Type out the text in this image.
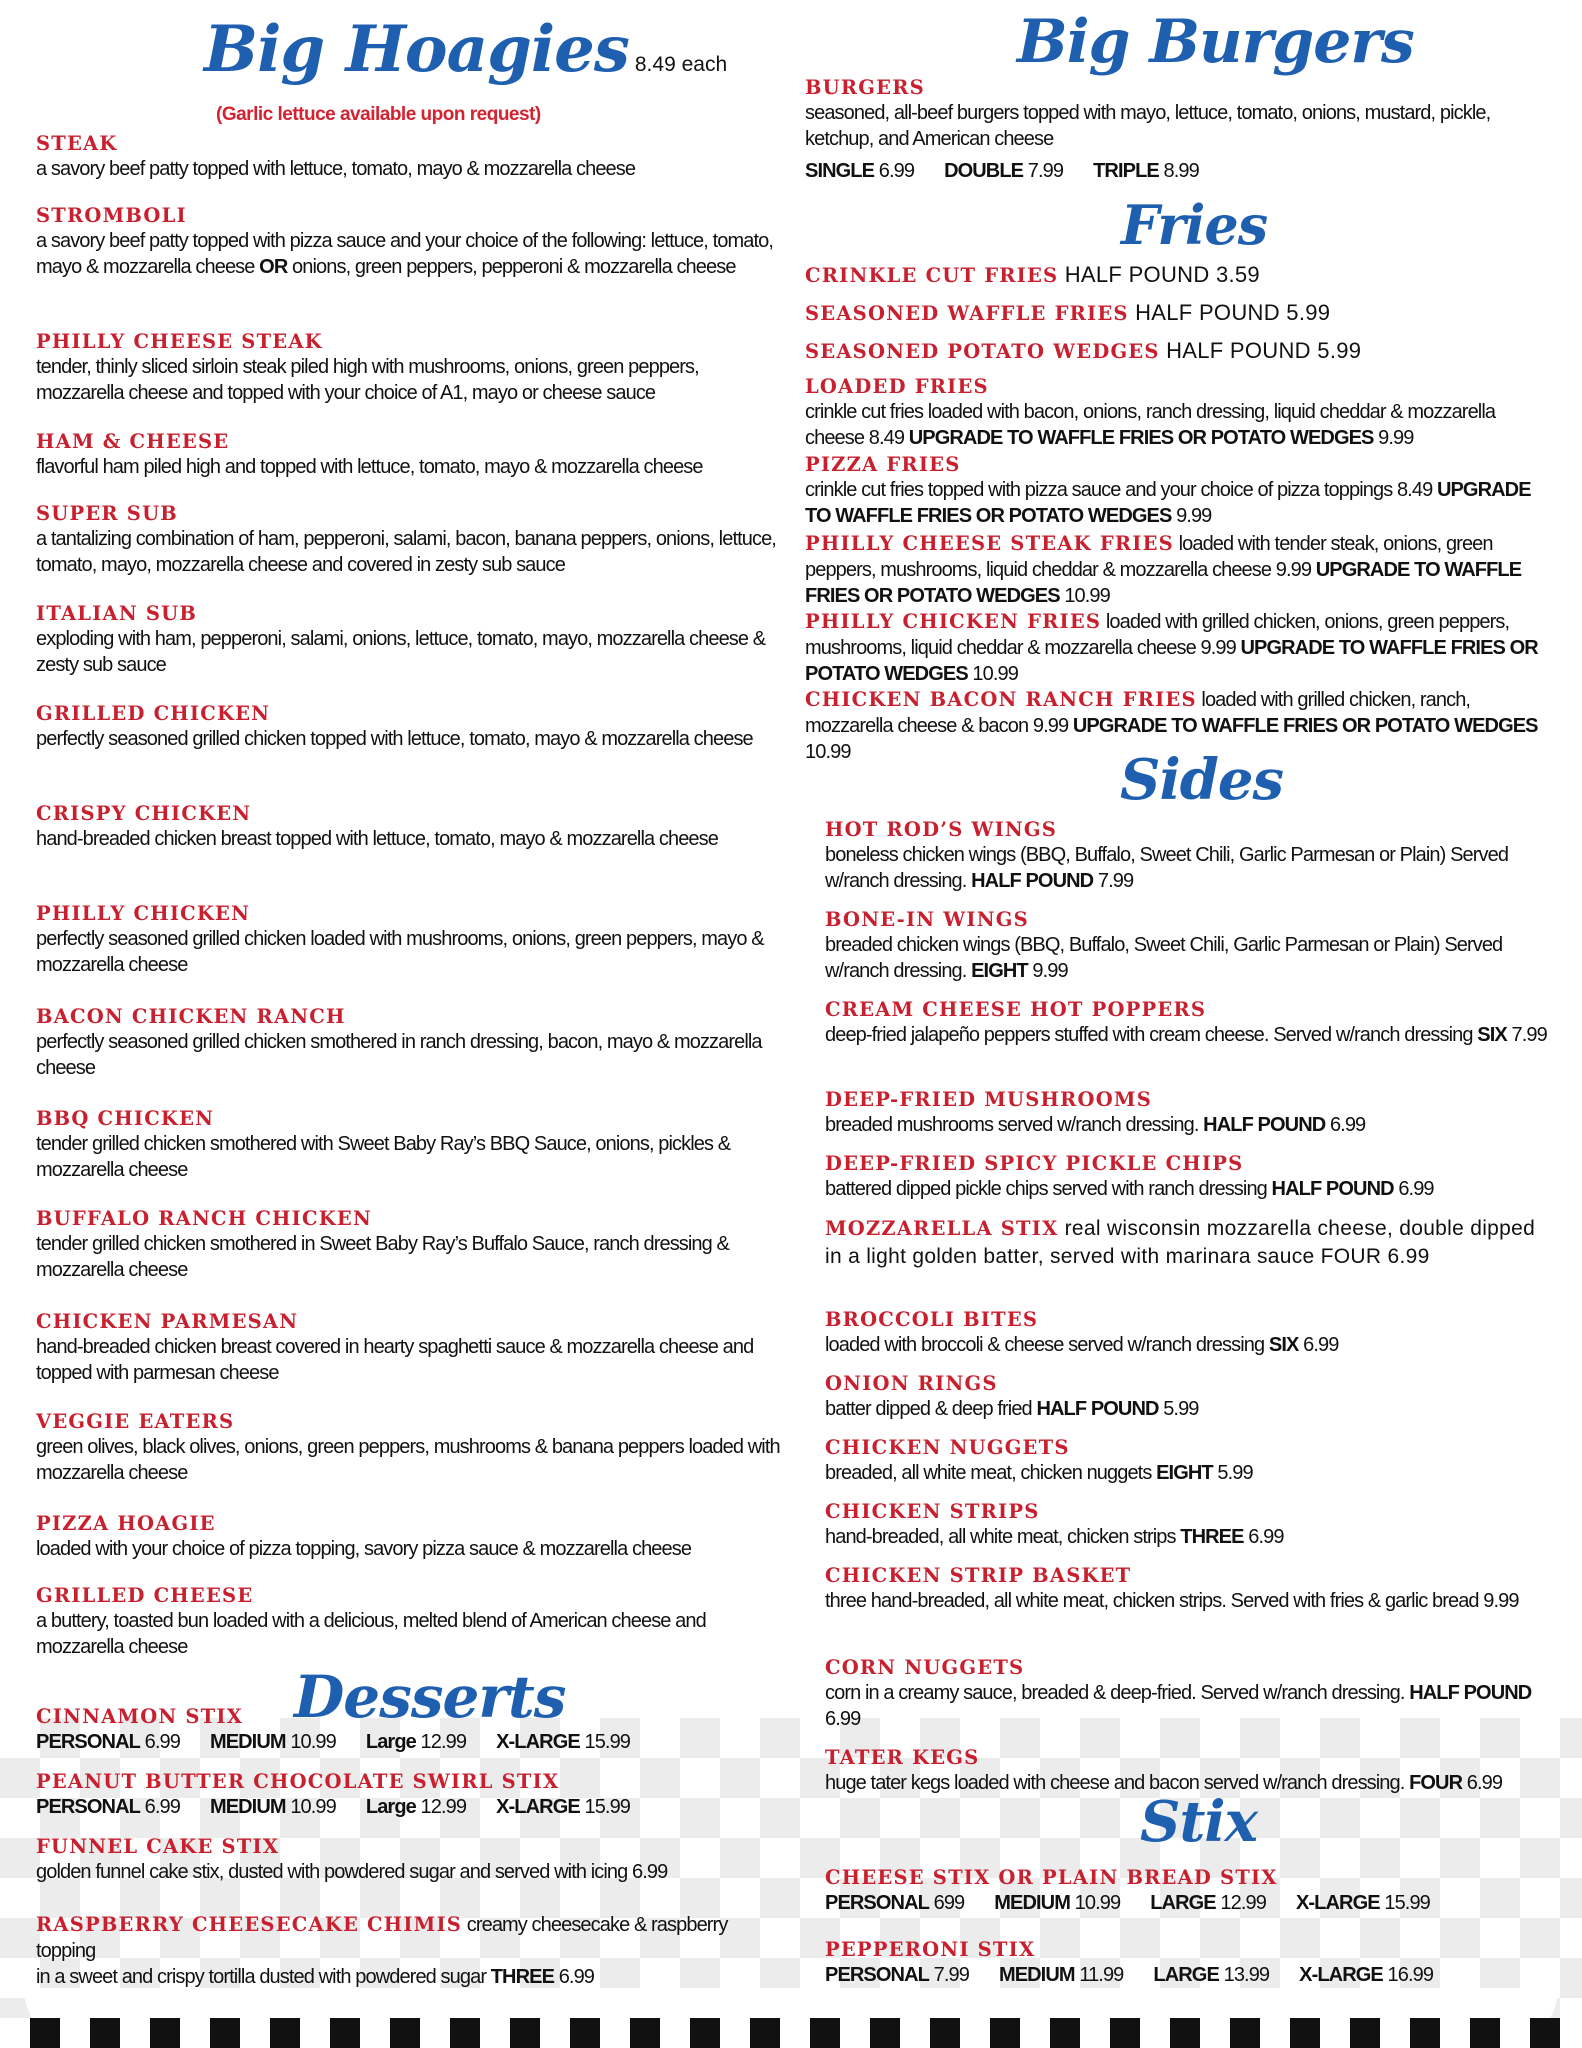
Big Hoagies 8.49 each
(Garlic lettuce available upon request)
STEAK
a savory beef patty topped with lettuce, tomato, mayo & mozzarella cheese
STROMBOLI
a savory beef patty topped with pizza sauce and your choice of the following: lettuce, tomato, mayo & mozzarella cheese OR onions, green peppers, pepperoni & mozzarella cheese
PHILLY CHEESE STEAK
tender, thinly sliced sirloin steak piled high with mushrooms, onions, green peppers, mozzarella cheese and topped with your choice of A1, mayo or cheese sauce
HAM & CHEESE
flavorful ham piled high and topped with lettuce, tomato, mayo & mozzarella cheese
SUPER SUB
a tantalizing combination of ham, pepperoni, salami, bacon, banana peppers, onions, lettuce, tomato, mayo, mozzarella cheese and covered in zesty sub sauce
ITALIAN SUB
exploding with ham, pepperoni, salami, onions, lettuce, tomato, mayo, mozzarella cheese & zesty sub sauce
GRILLED CHICKEN
perfectly seasoned grilled chicken topped with lettuce, tomato, mayo & mozzarella cheese
CRISPY CHICKEN
hand-breaded chicken breast topped with lettuce, tomato, mayo & mozzarella cheese
PHILLY CHICKEN
perfectly seasoned grilled chicken loaded with mushrooms, onions, green peppers, mayo & mozzarella cheese
BACON CHICKEN RANCH
perfectly seasoned grilled chicken smothered in ranch dressing, bacon, mayo & mozzarella cheese
BBQ CHICKEN
tender grilled chicken smothered with Sweet Baby Ray’s BBQ Sauce, onions, pickles & mozzarella cheese
BUFFALO RANCH CHICKEN
tender grilled chicken smothered in Sweet Baby Ray’s Buffalo Sauce, ranch dressing & mozzarella cheese
CHICKEN PARMESAN
hand-breaded chicken breast covered in hearty spaghetti sauce & mozzarella cheese and topped with parmesan cheese
VEGGIE EATERS
green olives, black olives, onions, green peppers, mushrooms & banana peppers loaded with mozzarella cheese
PIZZA HOAGIE
loaded with your choice of pizza topping, savory pizza sauce & mozzarella cheese
GRILLED CHEESE
a buttery, toasted bun loaded with a delicious, melted blend of American cheese and mozzarella cheese
Desserts
CINNAMON STIX
PERSONAL 6.99 MEDIUM 10.99 Large 12.99 X-LARGE 15.99
PEANUT BUTTER CHOCOLATE SWIRL STIX
PERSONAL 6.99 MEDIUM 10.99 Large 12.99 X-LARGE 15.99
FUNNEL CAKE STIX
golden funnel cake stix, dusted with powdered sugar and served with icing 6.99
RASPBERRY CHEESECAKE CHIMIS creamy cheesecake & raspberry topping
in a sweet and crispy tortilla dusted with powdered sugar THREE 6.99
Big Burgers
BURGERS
seasoned, all-beef burgers topped with mayo, lettuce, tomato, onions, mustard, pickle, ketchup, and American cheese
SINGLE 6.99 DOUBLE 7.99 TRIPLE 8.99
Fries
CRINKLE CUT FRIES HALF POUND 3.59
SEASONED WAFFLE FRIES HALF POUND 5.99
SEASONED POTATO WEDGES HALF POUND 5.99
LOADED FRIES
crinkle cut fries loaded with bacon, onions, ranch dressing, liquid cheddar & mozzarella cheese 8.49 UPGRADE TO WAFFLE FRIES OR POTATO WEDGES 9.99
PIZZA FRIES
crinkle cut fries topped with pizza sauce and your choice of pizza toppings 8.49 UPGRADE TO WAFFLE FRIES OR POTATO WEDGES 9.99
PHILLY CHEESE STEAK FRIES loaded with tender steak, onions, green peppers, mushrooms, liquid cheddar & mozzarella cheese 9.99 UPGRADE TO WAFFLE FRIES OR POTATO WEDGES 10.99
PHILLY CHICKEN FRIES loaded with grilled chicken, onions, green peppers, mushrooms, liquid cheddar & mozzarella cheese 9.99 UPGRADE TO WAFFLE FRIES OR POTATO WEDGES 10.99
CHICKEN BACON RANCH FRIES loaded with grilled chicken, ranch, mozzarella cheese & bacon 9.99 UPGRADE TO WAFFLE FRIES OR POTATO WEDGES 10.99	Sides
HOT ROD’S WINGS
boneless chicken wings (BBQ, Buffalo, Sweet Chili, Garlic Parmesan or Plain) Served w/ranch dressing. HALF POUND 7.99
BONE-IN WINGS
breaded chicken wings (BBQ, Buffalo, Sweet Chili, Garlic Parmesan or Plain) Served w/ranch dressing. EIGHT 9.99
CREAM CHEESE HOT POPPERS
deep-fried jalapeño peppers stuffed with cream cheese. Served w/ranch dressing SIX 7.99
DEEP-FRIED MUSHROOMS
breaded mushrooms served w/ranch dressing. HALF POUND 6.99
DEEP-FRIED SPICY PICKLE CHIPS
battered dipped pickle chips served with ranch dressing HALF POUND 6.99
BROCCOLI BITES
loaded with broccoli & cheese served w/ranch dressing SIX 6.99
ONION RINGS
batter dipped & deep fried HALF POUND 5.99
CHICKEN NUGGETS
breaded, all white meat, chicken nuggets EIGHT 5.99
CHICKEN STRIPS
hand-breaded, all white meat, chicken strips THREE 6.99
CHICKEN STRIP BASKET
three hand-breaded, all white meat, chicken strips. Served with fries & garlic bread 9.99
CORN NUGGETS
corn in a creamy sauce, breaded & deep-fried. Served w/ranch dressing. HALF POUND 6.99
TATER KEGS
huge tater kegs loaded with cheese and bacon served w/ranch dressing. FOUR 6.99
MOZZARELLA STIX real wisconsin mozzarella cheese, double dipped in a light golden batter, served with marinara sauce FOUR 6.99
Stix
CHEESE STIX OR PLAIN BREAD STIX
PERSONAL 699 MEDIUM 10.99 LARGE 12.99 X-LARGE 15.99
PEPPERONI STIX
PERSONAL 7.99 MEDIUM 11.99 LARGE 13.99 X-LARGE 16.99
